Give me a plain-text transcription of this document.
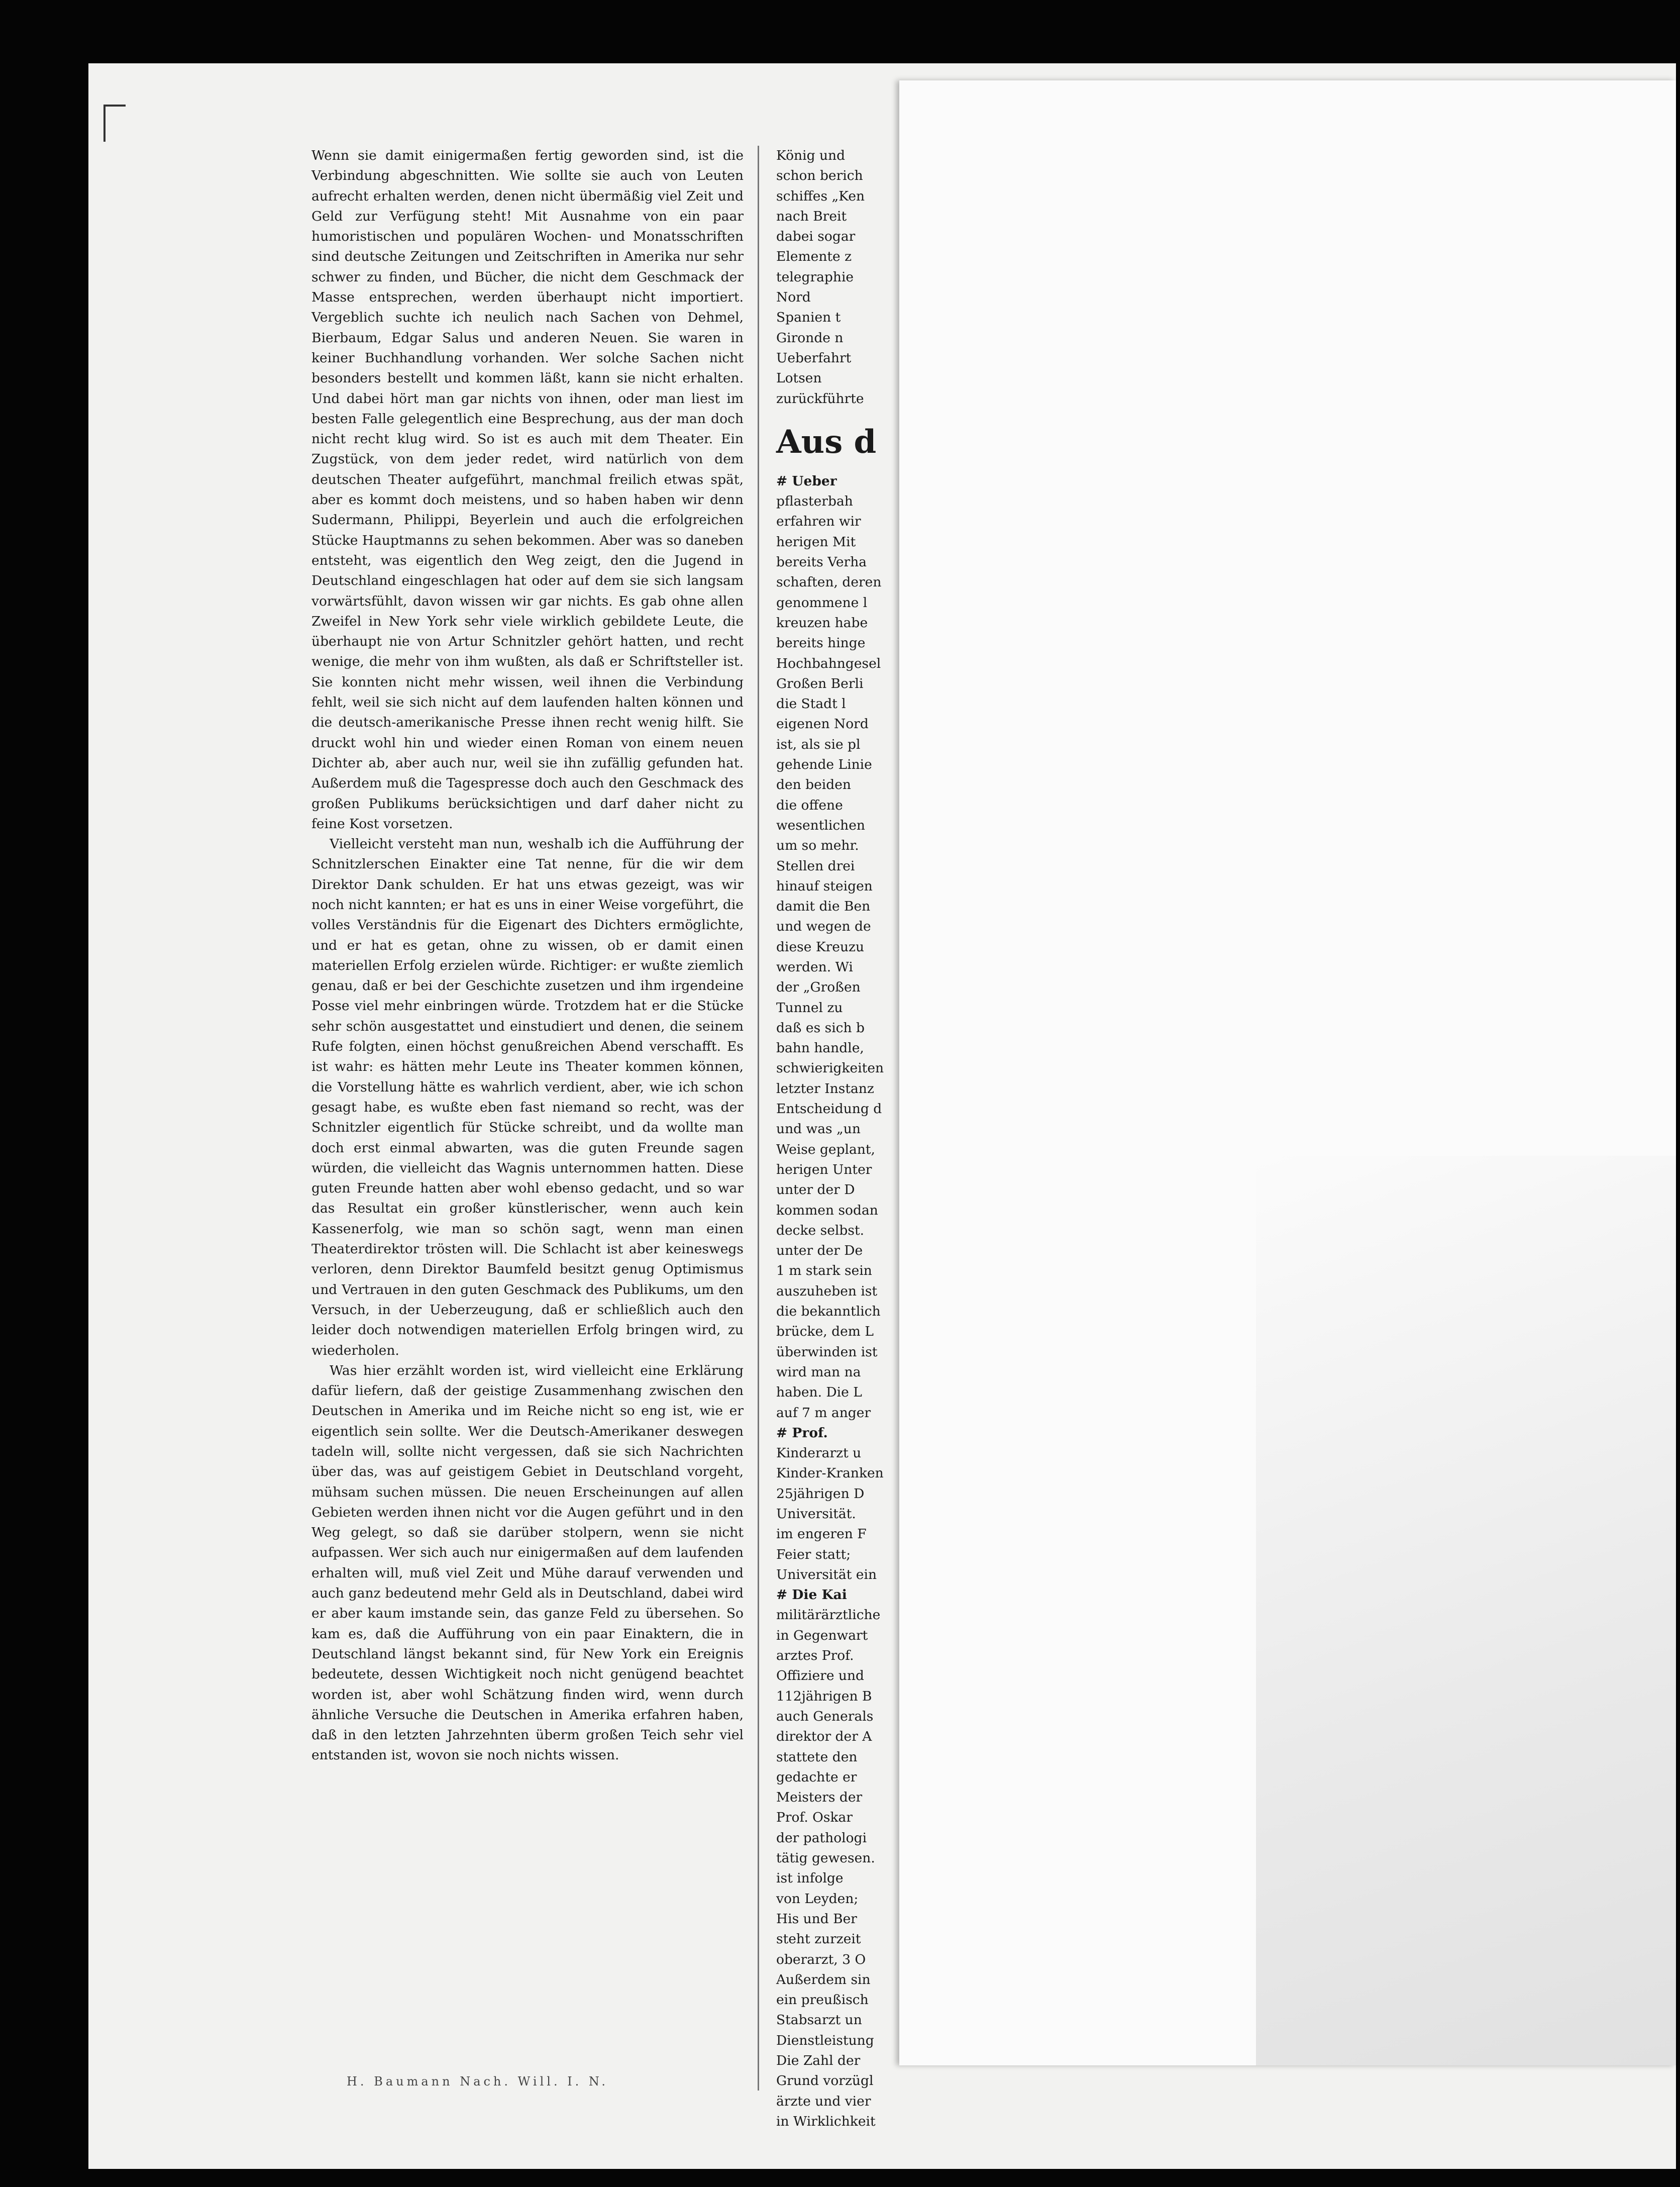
Wenn sie damit einigermaßen fertig geworden sind, ist die Verbindung abgeschnitten. Wie sollte sie auch von Leuten aufrecht erhalten werden, denen nicht übermäßig viel Zeit und Geld zur Verfügung steht! Mit Ausnahme von ein paar humoristischen und populären Wochen- und Monatsschriften sind deutsche Zeitungen und Zeitschriften in Amerika nur sehr schwer zu finden, und Bücher, die nicht dem Geschmack der Masse entsprechen, werden überhaupt nicht importiert. Vergeblich suchte ich neulich nach Sachen von Dehmel, Bierbaum, Edgar Salus und anderen Neuen. Sie waren in keiner Buchhandlung vorhanden. Wer solche Sachen nicht besonders bestellt und kommen läßt, kann sie nicht erhalten. Und dabei hört man gar nichts von ihnen, oder man liest im besten Falle gelegentlich eine Besprechung, aus der man doch nicht recht klug wird. So ist es auch mit dem Theater. Ein Zugstück, von dem jeder redet, wird natürlich von dem deutschen Theater aufgeführt, manchmal freilich etwas spät, aber es kommt doch meistens, und so haben haben wir denn Sudermann, Philippi, Beyerlein und auch die erfolgreichen Stücke Hauptmanns zu sehen bekommen. Aber was so daneben entsteht, was eigentlich den Weg zeigt, den die Jugend in Deutschland eingeschlagen hat oder auf dem sie sich langsam vorwärtsfühlt, davon wissen wir gar nichts. Es gab ohne allen Zweifel in New York sehr viele wirklich gebildete Leute, die überhaupt nie von Artur Schnitzler gehört hatten, und recht wenige, die mehr von ihm wußten, als daß er Schriftsteller ist. Sie konnten nicht mehr wissen, weil ihnen die Verbindung fehlt, weil sie sich nicht auf dem laufenden halten können und die deutsch-amerikanische Presse ihnen recht wenig hilft. Sie druckt wohl hin und wieder einen Roman von einem neuen Dichter ab, aber auch nur, weil sie ihn zufällig gefunden hat. Außerdem muß die Tagespresse doch auch den Geschmack des großen Publikums berücksichtigen und darf daher nicht zu feine Kost vorsetzen.

Vielleicht versteht man nun, weshalb ich die Aufführung der Schnitzlerschen Einakter eine Tat nenne, für die wir dem Direktor Dank schulden. Er hat uns etwas gezeigt, was wir noch nicht kannten; er hat es uns in einer Weise vorgeführt, die volles Verständnis für die Eigenart des Dichters ermöglichte, und er hat es getan, ohne zu wissen, ob er damit einen materiellen Erfolg erzielen würde. Richtiger: er wußte ziemlich genau, daß er bei der Geschichte zusetzen und ihm irgendeine Posse viel mehr einbringen würde. Trotzdem hat er die Stücke sehr schön ausgestattet und einstudiert und denen, die seinem Rufe folgten, einen höchst genußreichen Abend verschafft. Es ist wahr: es hätten mehr Leute ins Theater kommen können, die Vorstellung hätte es wahrlich verdient, aber, wie ich schon gesagt habe, es wußte eben fast niemand so recht, was der Schnitzler eigentlich für Stücke schreibt, und da wollte man doch erst einmal abwarten, was die guten Freunde sagen würden, die vielleicht das Wagnis unternommen hatten. Diese guten Freunde hatten aber wohl ebenso gedacht, und so war das Resultat ein großer künstlerischer, wenn auch kein Kassenerfolg, wie man so schön sagt, wenn man einen Theaterdirektor trösten will. Die Schlacht ist aber keineswegs verloren, denn Direktor Baumfeld besitzt genug Optimismus und Vertrauen in den guten Geschmack des Publikums, um den Versuch, in der Ueberzeugung, daß er schließlich auch den leider doch notwendigen materiellen Erfolg bringen wird, zu wiederholen.

Was hier erzählt worden ist, wird vielleicht eine Erklärung dafür liefern, daß der geistige Zusammenhang zwischen den Deutschen in Amerika und im Reiche nicht so eng ist, wie er eigentlich sein sollte. Wer die Deutsch-Amerikaner deswegen tadeln will, sollte nicht vergessen, daß sie sich Nachrichten über das, was auf geistigem Gebiet in Deutschland vorgeht, mühsam suchen müssen. Die neuen Erscheinungen auf allen Gebieten werden ihnen nicht vor die Augen geführt und in den Weg gelegt, so daß sie darüber stolpern, wenn sie nicht aufpassen. Wer sich auch nur einigermaßen auf dem laufenden erhalten will, muß viel Zeit und Mühe darauf verwenden und auch ganz bedeutend mehr Geld als in Deutschland, dabei wird er aber kaum imstande sein, das ganze Feld zu übersehen. So kam es, daß die Aufführung von ein paar Einaktern, die in Deutschland längst bekannt sind, für New York ein Ereignis bedeutete, dessen Wichtigkeit noch nicht genügend beachtet worden ist, aber wohl Schätzung finden wird, wenn durch ähnliche Versuche die Deutschen in Amerika erfahren haben, daß in den letzten Jahrzehnten überm großen Teich sehr viel entstanden ist, wovon sie noch nichts wissen.

König und
schon berich
schiffes „Ken
nach Breit
dabei sogar
Elemente z
telegraphie
Nord
Spanien t
Gironde n
Ueberfahrt
Lotsen
zurückführte
Aus d
# Ueber
pflasterbah
erfahren wir
herigen Mit
bereits Verha
schaften, deren
genommene l
kreuzen habe
bereits hinge
Hochbahngesel
Großen Berli
die Stadt l
eigenen Nord
ist, als sie pl
gehende Linie
den beiden
die offene
wesentlichen
um so mehr.
Stellen drei
hinauf steigen
damit die Ben
und wegen de
diese Kreuzu
werden. Wi
der „Großen
Tunnel zu
daß es sich b
bahn handle,
schwierigkeiten
letzter Instanz
Entscheidung d
und was „un
Weise geplant,
herigen Unter
unter der D
kommen sodan
decke selbst.
unter der De
1 m stark sein
auszuheben ist
die bekanntlich
brücke, dem L
überwinden ist
wird man na
haben. Die L
auf 7 m anger
# Prof.
Kinderarzt u
Kinder-Kranken
25jährigen D
Universität.
im engeren F
Feier statt;
Universität ein
# Die Kai
militärärztliche
in Gegenwart
arztes Prof.
Offiziere und
112jährigen B
auch Generals
direktor der A
stattete den
gedachte er
Meisters der
Prof. Oskar
der pathologi
tätig gewesen.
ist infolge
von Leyden;
His und Ber
steht zurzeit
oberarzt, 3 O
Außerdem sin
ein preußisch
Stabsarzt un
Dienstleistung
Die Zahl der
Grund vorzügl
ärzte und vier
in Wirklichkeit
H. Baumann Nach. Will. I. N.
